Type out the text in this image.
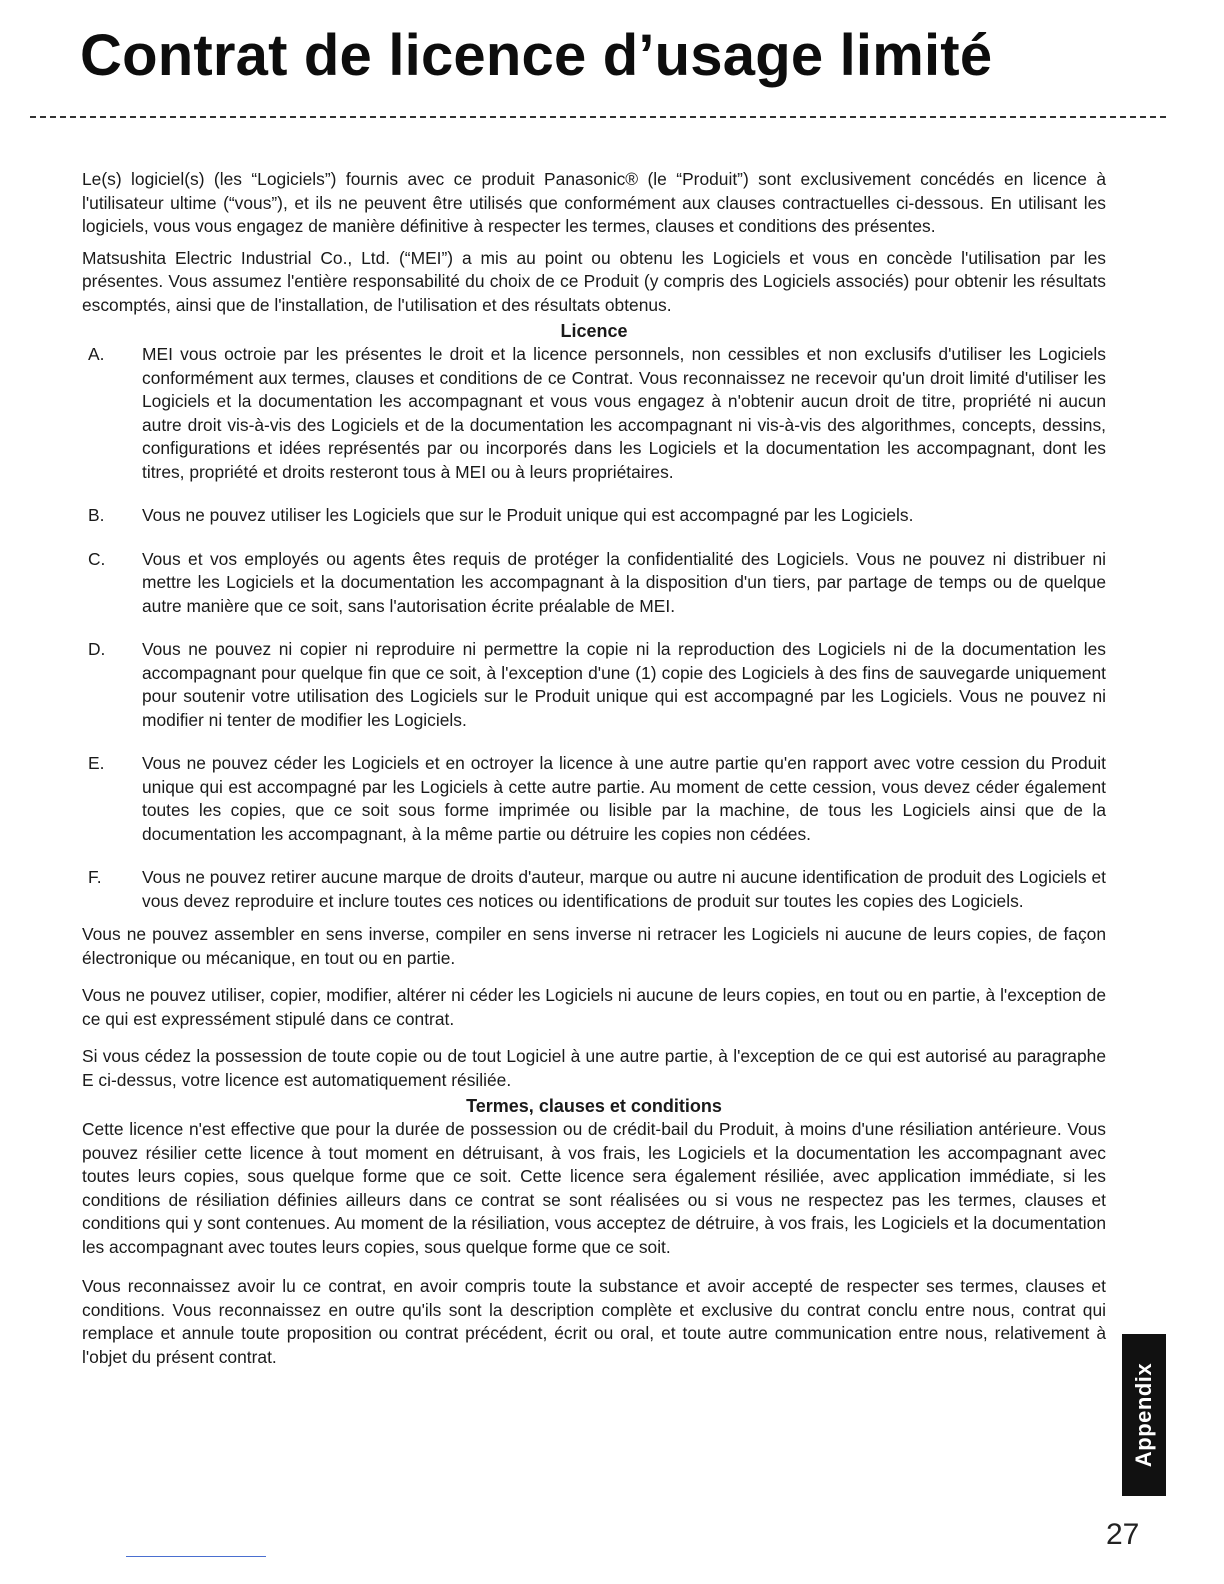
Contrat de licence d’usage limité

Le(s) logiciel(s) (les “Logiciels”) fournis avec ce produit Panasonic® (le “Produit”) sont exclusivement concédés en licence à l'utilisateur ultime (“vous”), et ils ne peuvent être utilisés que conformément aux clauses contractuelles ci-dessous. En utilisant les logiciels, vous vous engagez de manière définitive à respecter les termes, clauses et conditions des présentes.

Matsushita Electric Industrial Co., Ltd. (“MEI”) a mis au point ou obtenu les Logiciels et vous en concède l'utilisation par les présentes. Vous assumez l'entière responsabilité du choix de ce Produit (y compris des Logiciels associés) pour obtenir les résultats escomptés, ainsi que de l'installation, de l'utilisation et des résultats obtenus.

Licence
A.	MEI vous octroie par les présentes le droit et la licence personnels, non cessibles et non exclusifs d'utiliser les Logiciels conformément aux termes, clauses et conditions de ce Contrat. Vous reconnaissez ne recevoir qu'un droit limité d'utiliser les Logiciels et la documentation les accompagnant et vous vous engagez à n'obtenir aucun droit de titre, propriété ni aucun autre droit vis-à-vis des Logiciels et de la documentation les accompagnant ni vis-à-vis des algorithmes, concepts, dessins, configurations et idées représentés par ou incorporés dans les Logiciels et la documentation les accompagnant, dont les titres, propriété et droits resteront tous à MEI ou à leurs propriétaires.
B.	Vous ne pouvez utiliser les Logiciels que sur le Produit unique qui est accompagné par les Logiciels.
C.	Vous et vos employés ou agents êtes requis de protéger la confidentialité des Logiciels. Vous ne pouvez ni distribuer ni mettre les Logiciels et la documentation les accompagnant à la disposition d'un tiers, par partage de temps ou de quelque autre manière que ce soit, sans l'autorisation écrite préalable de MEI.
D.	Vous ne pouvez ni copier ni reproduire ni permettre la copie ni la reproduction des Logiciels ni de la documentation les accompagnant pour quelque fin que ce soit, à l'exception d'une (1) copie des Logiciels à des fins de sauvegarde uniquement pour soutenir votre utilisation des Logiciels sur le Produit unique qui est accompagné par les Logiciels. Vous ne pouvez ni modifier ni tenter de modifier les Logiciels.
E.	Vous ne pouvez céder les Logiciels et en octroyer la licence à une autre partie qu'en rapport avec votre cession du Produit unique qui est accompagné par les Logiciels à cette autre partie. Au moment de cette cession, vous devez céder également toutes les copies, que ce soit sous forme imprimée ou lisible par la machine, de tous les Logiciels ainsi que de la documentation les accompagnant, à la même partie ou détruire les copies non cédées.
F.	Vous ne pouvez retirer aucune marque de droits d'auteur, marque ou autre ni aucune identification de produit des Logiciels et vous devez reproduire et inclure toutes ces notices ou identifications de produit sur toutes les copies des Logiciels.

Vous ne pouvez assembler en sens inverse, compiler en sens inverse ni retracer les Logiciels ni aucune de leurs copies, de façon électronique ou mécanique, en tout ou en partie.

Vous ne pouvez utiliser, copier, modifier, altérer ni céder les Logiciels ni aucune de leurs copies, en tout ou en partie, à l'exception de ce qui est expressément stipulé dans ce contrat.

Si vous cédez la possession de toute copie ou de tout Logiciel à une autre partie, à l'exception de ce qui est autorisé au paragraphe E ci-dessus, votre licence est automatiquement résiliée.

Termes, clauses et conditions

Cette licence n'est effective que pour la durée de possession ou de crédit-bail du Produit, à moins d'une résiliation antérieure. Vous pouvez résilier cette licence à tout moment en détruisant, à vos frais, les Logiciels et la documentation les accompagnant avec toutes leurs copies, sous quelque forme que ce soit. Cette licence sera également résiliée, avec application immédiate, si les conditions de résiliation définies ailleurs dans ce contrat se sont réalisées ou si vous ne respectez pas les termes, clauses et conditions qui y sont contenues. Au moment de la résiliation, vous acceptez de détruire, à vos frais, les Logiciels et la documentation les accompagnant avec toutes leurs copies, sous quelque forme que ce soit.

Vous reconnaissez avoir lu ce contrat, en avoir compris toute la substance et avoir accepté de respecter ses termes, clauses et conditions. Vous reconnaissez en outre qu'ils sont la description complète et exclusive du contrat conclu entre nous, contrat qui remplace et annule toute proposition ou contrat précédent, écrit ou oral, et toute autre communication entre nous, relativement à l'objet du présent contrat.

Appendix
27
